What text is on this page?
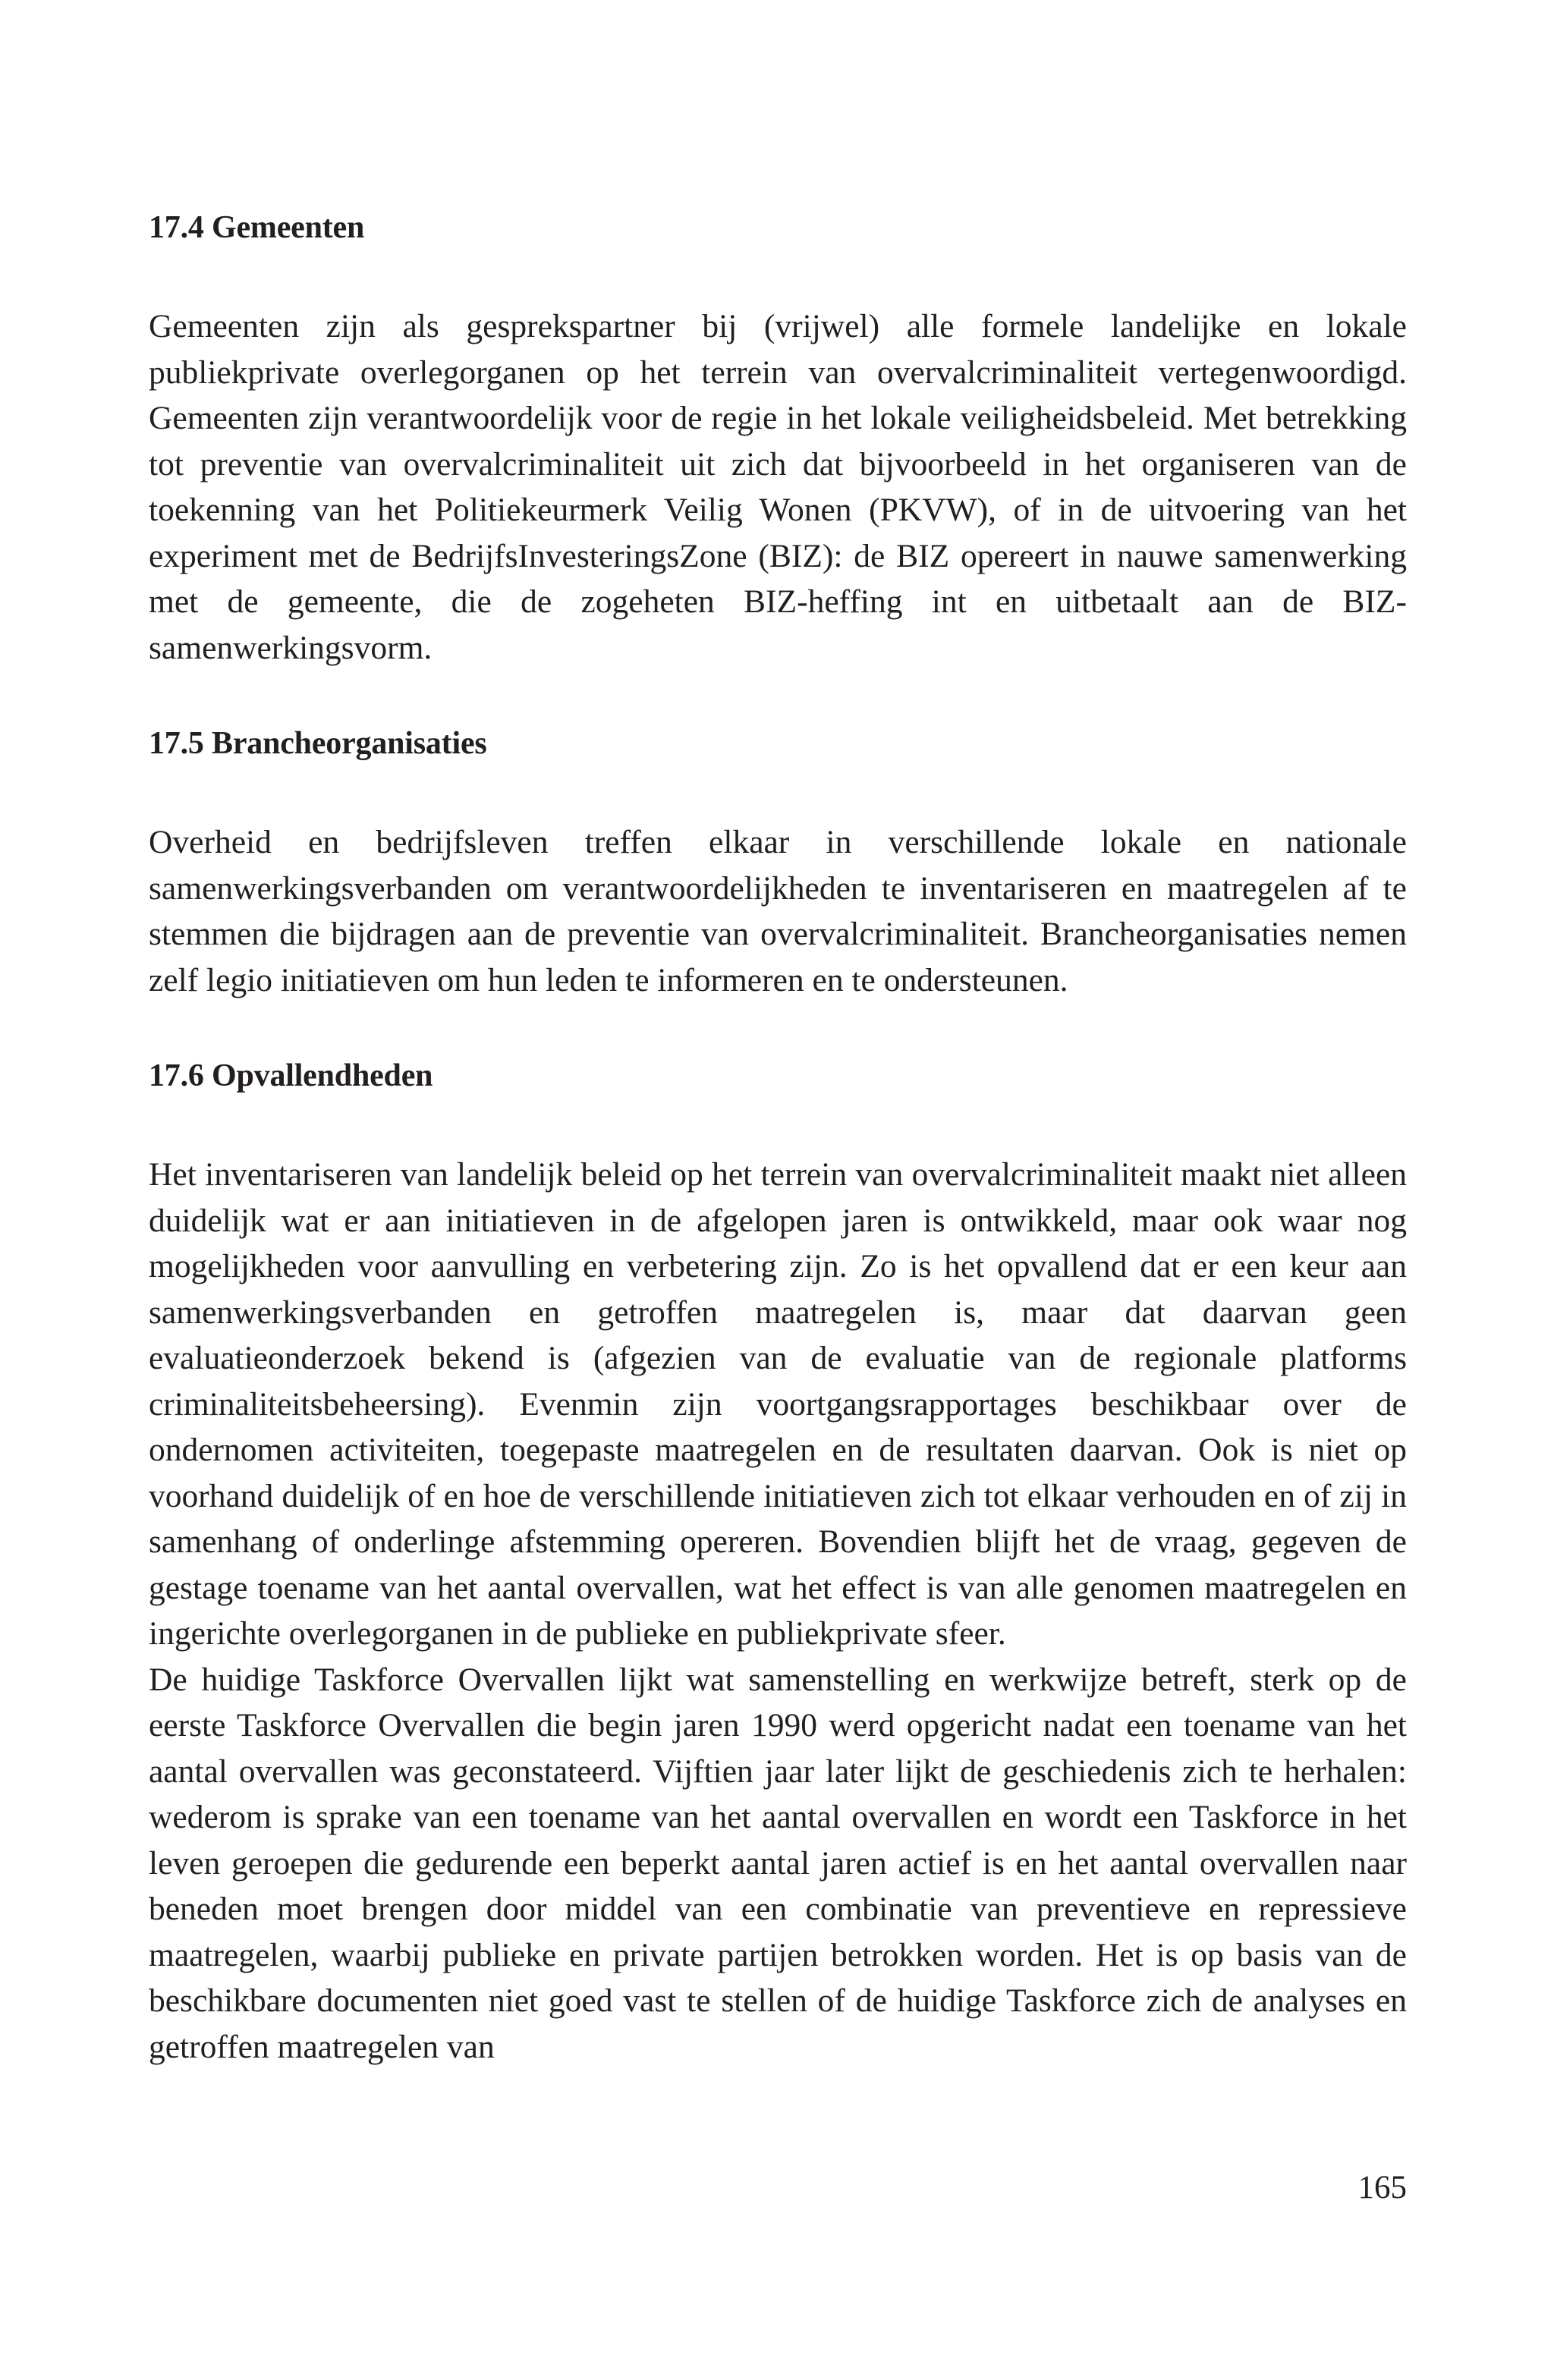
17.4 Gemeenten

Gemeenten zijn als gesprekspartner bij (vrijwel) alle formele landelijke en lokale publiekprivate overlegorganen op het terrein van overvalcriminaliteit vertegenwoordigd. Gemeenten zijn verantwoordelijk voor de regie in het lokale veiligheidsbeleid. Met betrekking tot preventie van overvalcriminaliteit uit zich dat bijvoorbeeld in het organiseren van de toekenning van het Politiekeurmerk Veilig Wonen (PKVW), of in de uitvoering van het experiment met de BedrijfsInvesteringsZone (BIZ): de BIZ opereert in nauwe samenwerking met de gemeente, die de zogeheten BIZ-heffing int en uitbetaalt aan de BIZ-samenwerkingsvorm.

17.5 Brancheorganisaties

Overheid en bedrijfsleven treffen elkaar in verschillende lokale en nationale samenwerkingsverbanden om verantwoordelijkheden te inventariseren en maatregelen af te stemmen die bijdragen aan de preventie van overvalcriminaliteit. Brancheorganisaties nemen zelf legio initiatieven om hun leden te informeren en te ondersteunen.

17.6 Opvallendheden

Het inventariseren van landelijk beleid op het terrein van overvalcriminaliteit maakt niet alleen duidelijk wat er aan initiatieven in de afgelopen jaren is ontwikkeld, maar ook waar nog mogelijkheden voor aanvulling en verbetering zijn. Zo is het opvallend dat er een keur aan samenwerkingsverbanden en getroffen maatregelen is, maar dat daarvan geen evaluatieonderzoek bekend is (afgezien van de evaluatie van de regionale platforms criminaliteitsbeheersing). Evenmin zijn voortgangsrapportages beschikbaar over de ondernomen activiteiten, toegepaste maatregelen en de resultaten daarvan. Ook is niet op voorhand duidelijk of en hoe de verschillende initiatieven zich tot elkaar verhouden en of zij in samenhang of onderlinge afstemming opereren. Bovendien blijft het de vraag, gegeven de gestage toename van het aantal overvallen, wat het effect is van alle genomen maatregelen en ingerichte overlegorganen in de publieke en publiekprivate sfeer.

De huidige Taskforce Overvallen lijkt wat samenstelling en werkwijze betreft, sterk op de eerste Taskforce Overvallen die begin jaren 1990 werd opgericht nadat een toename van het aantal overvallen was geconstateerd. Vijftien jaar later lijkt de geschiedenis zich te herhalen: wederom is sprake van een toename van het aantal overvallen en wordt een Taskforce in het leven geroepen die gedurende een beperkt aantal jaren actief is en het aantal overvallen naar beneden moet brengen door middel van een combinatie van preventieve en repressieve maatregelen, waarbij publieke en private partijen betrokken worden. Het is op basis van de beschikbare documenten niet goed vast te stellen of de huidige Taskforce zich de analyses en getroffen maatregelen van

165
